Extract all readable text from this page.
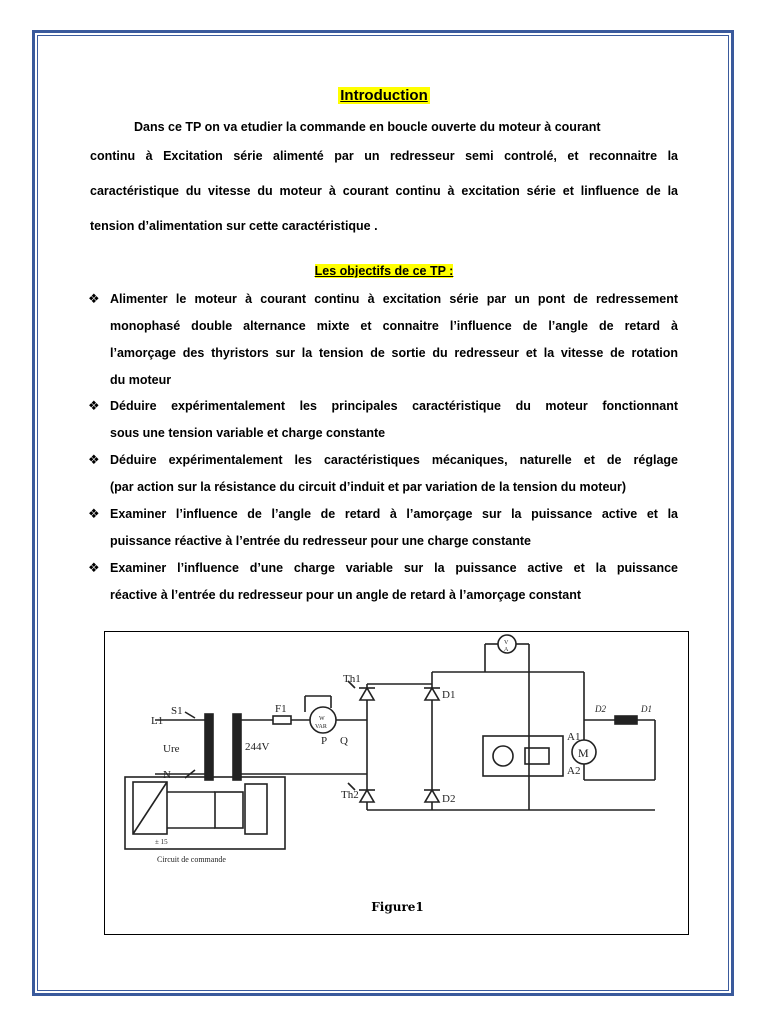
Introduction
Dans ce TP on va etudier la commande en boucle ouverte du moteur à courant
continu à Excitation série alimenté par un redresseur semi controlé, et reconnaitre la
caractéristique du vitesse du moteur à courant continu à excitation série et linfluence de la
tension d’alimentation sur cette caractéristique .
Les objectifs de ce TP :
❖ Alimenter le moteur à courant continu à excitation série par un pont de redressement
monophasé double alternance mixte et connaitre l’influence de l’angle de retard à
l’amorçage des thyristors sur la tension de sortie du redresseur et la vitesse de rotation
du moteur
❖ Déduire expérimentalement les principales caractéristique du moteur fonctionnant
sous une tension variable et charge constante
❖ Déduire expérimentalement les caractéristiques mécaniques, naturelle et de réglage
(par action sur la résistance du circuit d’induit et par variation de la tension du moteur)
❖ Examiner l’influence de l’angle de retard à l’amorçage sur la puissance active et la
puissance réactive à l’entrée du redresseur pour une charge constante
❖ Examiner l’influence d’une charge variable sur la puissance active et la puissance
réactive à l’entrée du redresseur pour un angle de retard à l’amorçage constant
Th1
D1
Th2	D2
L1
S1
Ure
N
F1
244V	P Q
W
VAR
V
A
A1
A2
M
D2	D1
± 15
Circuit de commande
Figure1
